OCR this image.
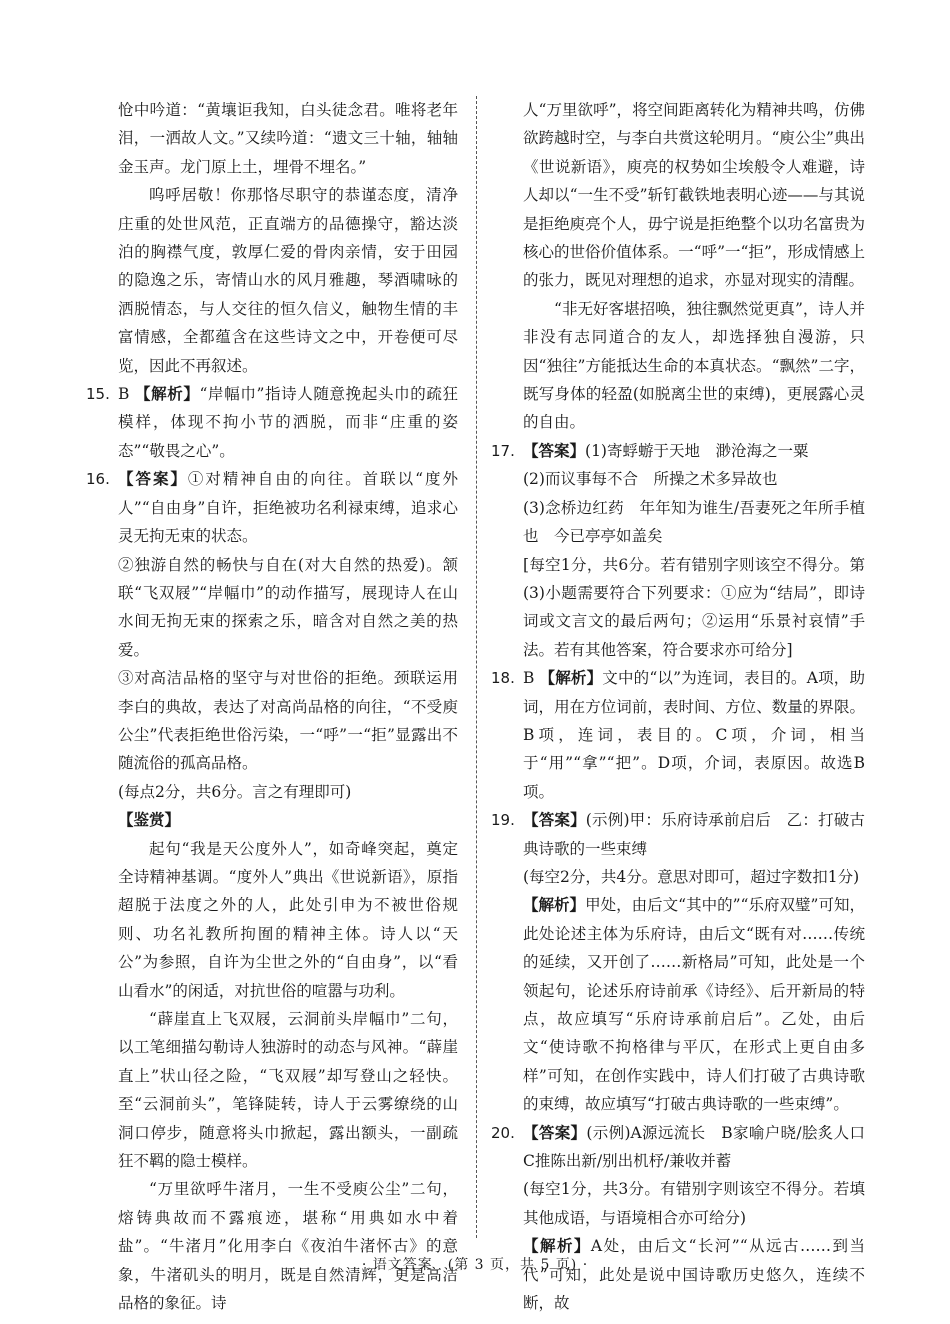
怆中吟道：“黄壤讵我知，白头徒念君。唯将老年泪，一洒故人文。”又续吟道：“遗文三十轴，轴轴金玉声。龙门原上土，埋骨不埋名。”

呜呼居敬！你那恪尽职守的恭谨态度，清净庄重的处世风范，正直端方的品德操守，豁达淡泊的胸襟气度，敦厚仁爱的骨肉亲情，安于田园的隐逸之乐，寄情山水的风月雅趣，琴酒啸咏的洒脱情态，与人交往的恒久信义，触物生情的丰富情感，全都蕴含在这些诗文之中，开卷便可尽览，因此不再叙述。

15. B 【解析】“岸幅巾”指诗人随意挽起头巾的疏狂模样，体现不拘小节的洒脱，而非“庄重的姿态”“敬畏之心”。
16. 【答案】①对精神自由的向往。首联以“度外人”“自由身”自许，拒绝被功名利禄束缚，追求心灵无拘无束的状态。

②独游自然的畅快与自在(对大自然的热爱)。颔联“飞双屐”“岸幅巾”的动作描写，展现诗人在山水间无拘无束的探索之乐，暗含对自然之美的热爱。

③对高洁品格的坚守与对世俗的拒绝。颈联运用李白的典故，表达了对高尚品格的向往，“不受庾公尘”代表拒绝世俗污染，一“呼”一“拒”显露出不随流俗的孤高品格。

(每点2分，共6分。言之有理即可)

【鉴赏】

起句“我是天公度外人”，如奇峰突起，奠定全诗精神基调。“度外人”典出《世说新语》，原指超脱于法度之外的人，此处引申为不被世俗规则、功名礼教所拘囿的精神主体。诗人以“天公”为参照，自许为尘世之外的“自由身”，以“看山看水”的闲适，对抗世俗的喧嚣与功利。

“薜崖直上飞双屐，云洞前头岸幅巾”二句，以工笔细描勾勒诗人独游时的动态与风神。“薜崖直上”状山径之险，“飞双屐”却写登山之轻快。至“云洞前头”，笔锋陡转，诗人于云雾缭绕的山洞口停步，随意将头巾掀起，露出额头，一副疏狂不羁的隐士模样。

“万里欲呼牛渚月，一生不受庾公尘”二句，熔铸典故而不露痕迹，堪称“用典如水中着盐”。“牛渚月”化用李白《夜泊牛渚怀古》的意象，牛渚矶头的明月，既是自然清辉，更是高洁品格的象征。诗

人“万里欲呼”，将空间距离转化为精神共鸣，仿佛欲跨越时空，与李白共赏这轮明月。“庾公尘”典出《世说新语》，庾亮的权势如尘埃般令人难避，诗人却以“一生不受”斩钉截铁地表明心迹——与其说是拒绝庾亮个人，毋宁说是拒绝整个以功名富贵为核心的世俗价值体系。一“呼”一“拒”，形成情感上的张力，既见对理想的追求，亦显对现实的清醒。

“非无好客堪招唤，独往飘然觉更真”，诗人并非没有志同道合的友人，却选择独自漫游，只因“独往”方能抵达生命的本真状态。“飘然”二字，既写身体的轻盈(如脱离尘世的束缚)，更展露心灵的自由。

17. 【答案】(1)寄蜉蝣于天地　渺沧海之一粟

(2)而议事每不合　所操之术多异故也

(3)念桥边红药　年年知为谁生/吾妻死之年所手植也　今已亭亭如盖矣

[每空1分，共6分。若有错别字则该空不得分。第(3)小题需要符合下列要求：①应为“结局”，即诗词或文言文的最后两句；②运用“乐景衬哀情”手法。若有其他答案，符合要求亦可给分]

18. B 【解析】文中的“以”为连词，表目的。A项，助词，用在方位词前，表时间、方位、数量的界限。B项，连词，表目的。C项，介词，相当于“用”“拿”“把”。D项，介词，表原因。故选B项。
19. 【答案】(示例)甲：乐府诗承前启后　乙：打破古典诗歌的一些束缚

(每空2分，共4分。意思对即可，超过字数扣1分)

【解析】甲处，由后文“其中的”“乐府双璧”可知，此处论述主体为乐府诗，由后文“既有对……传统的延续，又开创了……新格局”可知，此处是一个领起句，论述乐府诗前承《诗经》、后开新局的特点，故应填写“乐府诗承前启后”。乙处，由后文“使诗歌不拘格律与平仄，在形式上更自由多样”可知，在创作实践中，诗人们打破了古典诗歌的束缚，故应填写“打破古典诗歌的一些束缚”。

20. 【答案】(示例)A源远流长　B家喻户晓/脍炙人口　C推陈出新/别出机杼/兼收并蓄

(每空1分，共3分。有错别字则该空不得分。若填其他成语，与语境相合亦可给分)

【解析】A处，由后文“长河”“从远古……到当代”可知，此处是说中国诗歌历史悠久，连续不断，故

· 语文答案　(第 3 页，共 5 页) ·
